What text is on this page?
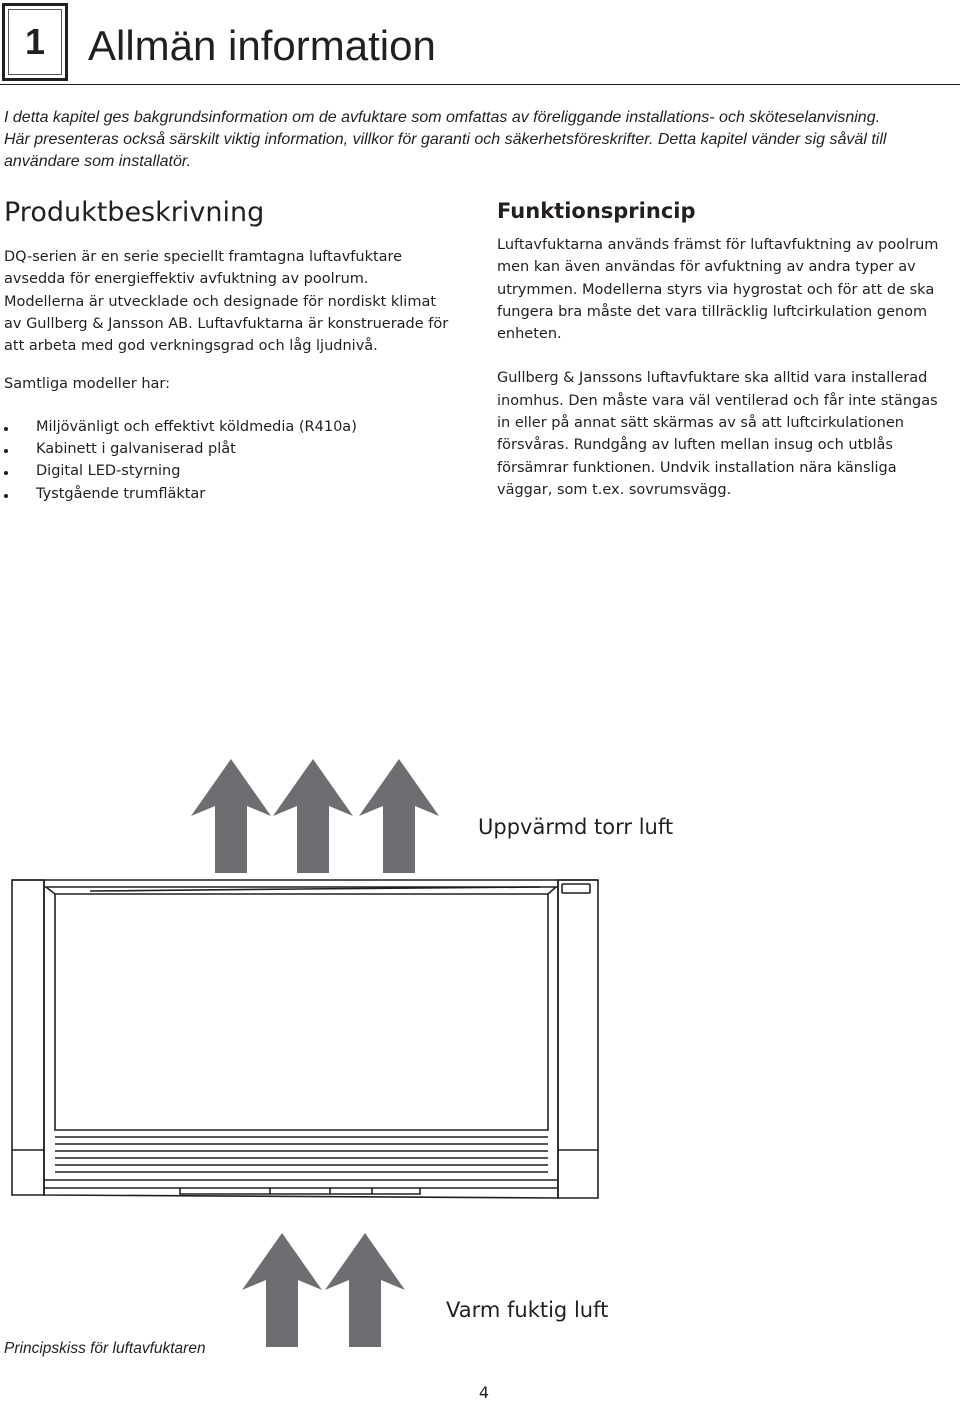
1	Allmän information

I detta kapitel ges bakgrundsinformation om de avfuktare som omfattas av föreliggande installations- och sköteselanvisning.
Här presenteras också särskilt viktig information, villkor för garanti och säkerhetsföreskrifter. Detta kapitel vänder sig såväl till
användare som installatör.

Produktbeskrivning

DQ-serien är en serie speciellt framtagna luftavfuktare
avsedda för energieffektiv avfuktning av poolrum.
Modellerna är utvecklade och designade för nordiskt klimat
av Gullberg & Jansson AB. Luftavfuktarna är konstruerade för
att arbeta med god verkningsgrad och låg ljudnivå.

Samtliga modeller har:

Miljövänligt och effektivt köldmedia (R410a)
Kabinett i galvaniserad plåt
Digital LED-styrning
Tystgående trumfläktar
Funktionsprincip

Luftavfuktarna används främst för luftavfuktning av poolrum
men kan även användas för avfuktning av andra typer av
utrymmen. Modellerna styrs via hygrostat och för att de ska
fungera bra måste det vara tillräcklig luftcirkulation genom
enheten.

Gullberg & Janssons luftavfuktare ska alltid vara installerad
inomhus. Den måste vara väl ventilerad och får inte stängas
in eller på annat sätt skärmas av så att luftcirkulationen
försvåras. Rundgång av luften mellan insug och utblås
försämrar funktionen. Undvik installation nära känsliga
väggar, som t.ex. sovrumsvägg.

Uppvärmd torr luft
Varm fuktig luft
Principskiss för luftavfuktaren
4
